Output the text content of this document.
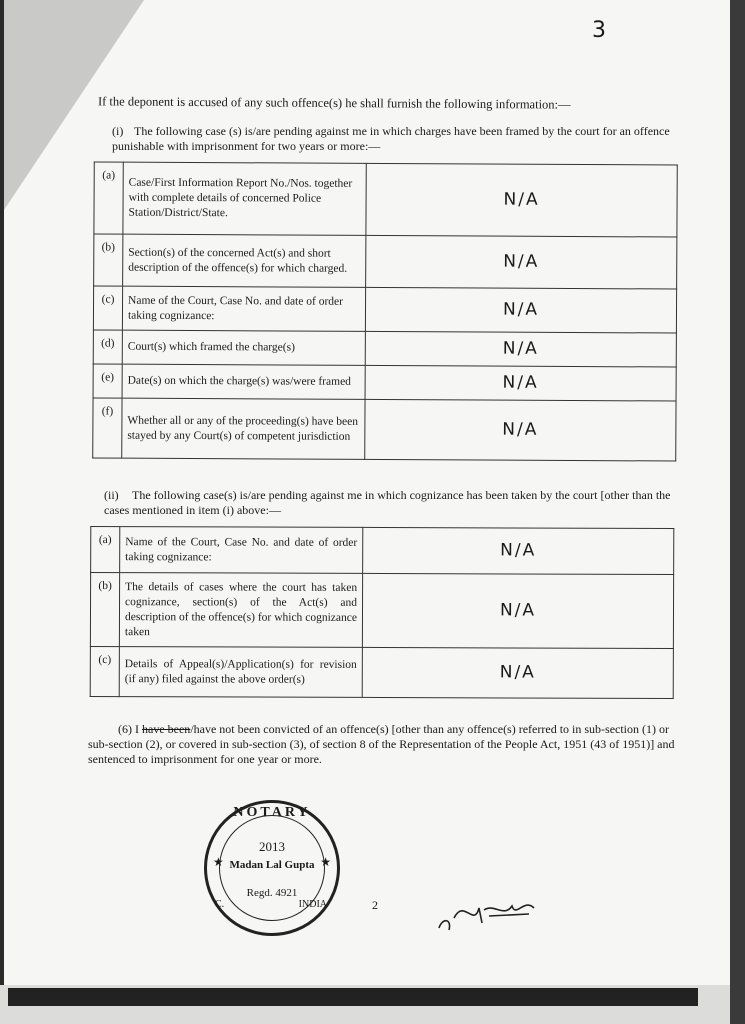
3
If the deponent is accused of any such offence(s) he shall furnish the following information:—
(i) The following case (s) is/are pending against me in which charges have been framed by the court for an offence punishable with imprisonment for two years or more:—
(a)	Case/First Information Report No./Nos. together with complete details of concerned Police Station/District/State.	N/A
(b)	Section(s) of the concerned Act(s) and short description of the offence(s) for which charged.	N/A
(c)	Name of the Court, Case No. and date of order taking cognizance:	N/A
(d)	Court(s) which framed the charge(s)	N/A
(e)	Date(s) on which the charge(s) was/were framed	N/A
(f)	Whether all or any of the proceeding(s) have been stayed by any Court(s) of competent jurisdiction	N/A
(ii) The following case(s) is/are pending against me in which cognizance has been taken by the court [other than the cases mentioned in item (i) above:—
(a)	Name of the Court, Case No. and date of order taking cognizance:	N/A
(b)	The details of cases where the court has taken cognizance, section(s) of the Act(s) and description of the offence(s) for which cognizance taken	N/A
(c)	Details of Appeal(s)/Application(s) for revision (if any) filed against the above order(s)	N/A
(6) I have been/have not been convicted of an offence(s) [other than any offence(s) referred to in sub-section (1) or sub-section (2), or covered in sub-section (3), of section 8 of the Representation of the People Act, 1951 (43 of 1951)] and sentenced to imprisonment for one year or more.
NOTARY
2013
★ Madan Lal Gupta ★
Regd. 4921
C.	INDIA	2
